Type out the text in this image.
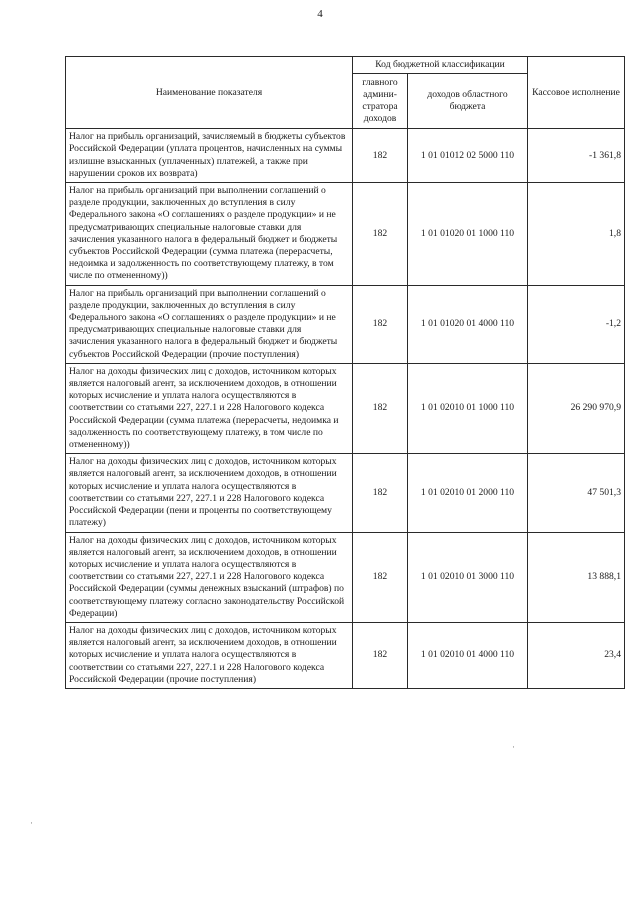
4
Наименование показателя	Код бюджетной классификации		Кассовое исполнение
	главного админи-стратора доходов	доходов областного бюджета	
Налог на прибыль организаций, зачисляемый в бюджеты субъектов Российской Федерации (уплата процентов, начисленных на суммы излишне взысканных (уплаченных) платежей, а также при нарушении сроков их возврата)	182	1 01 01012 02 5000 110	-1 361,8
Налог на прибыль организаций при выполнении соглашений о разделе продукции, заключенных до вступления в силу Федерального закона «О соглашениях о разделе продукции» и не предусматривающих специальные налоговые ставки для зачисления указанного налога в федеральный бюджет и бюджеты субъектов Российской Федерации (сумма платежа (перерасчеты, недоимка и задолженность по соответствующему платежу, в том числе по отмененному))	182	1 01 01020 01 1000 110	1,8
Налог на прибыль организаций при выполнении соглашений о разделе продукции, заключенных до вступления в силу Федерального закона «О соглашениях о разделе продукции» и не предусматривающих специальные налоговые ставки для зачисления указанного налога в федеральный бюджет и бюджеты субъектов Российской Федерации (прочие поступления)	182	1 01 01020 01 4000 110	-1,2
Налог на доходы физических лиц с доходов, источником которых является налоговый агент, за исключением доходов, в отношении которых исчисление и уплата налога осуществляются в соответствии со статьями 227, 227.1 и 228 Налогового кодекса Российской Федерации (сумма платежа (перерасчеты, недоимка и задолженность по соответствующему платежу, в том числе по отмененному))	182	1 01 02010 01 1000 110	26 290 970,9
Налог на доходы физических лиц с доходов, источником которых является налоговый агент, за исключением доходов, в отношении которых исчисление и уплата налога осуществляются в соответствии со статьями 227, 227.1 и 228 Налогового кодекса Российской Федерации (пени и проценты по соответствующему платежу)	182	1 01 02010 01 2000 110	47 501,3
Налог на доходы физических лиц с доходов, источником которых является налоговый агент, за исключением доходов, в отношении которых исчисление и уплата налога осуществляются в соответствии со статьями 227, 227.1 и 228 Налогового кодекса Российской Федерации (суммы денежных взысканий (штрафов) по соответствующему платежу согласно законодательству Российской Федерации)	182	1 01 02010 01 3000 110	13 888,1
Налог на доходы физических лиц с доходов, источником которых является налоговый агент, за исключением доходов, в отношении которых исчисление и уплата налога осуществляются в соответствии со статьями 227, 227.1 и 228 Налогового кодекса Российской Федерации (прочие поступления)	182	1 01 02010 01 4000 110	23,4
·
·
